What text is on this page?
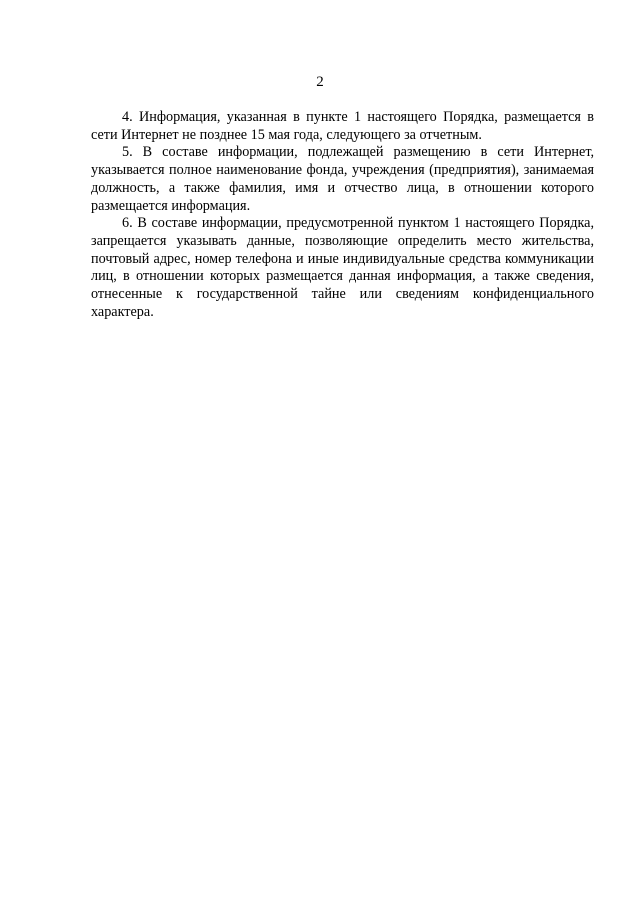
2

4. Информация, указанная в пункте 1 настоящего Порядка, размещается в сети Интернет не позднее 15 мая года, следующего за отчетным.

5. В составе информации, подлежащей размещению в сети Интернет, указывается полное наименование фонда, учреждения (предприятия), занимаемая должность, а также фамилия, имя и отчество лица, в отношении которого размещается информация.

6. В составе информации, предусмотренной пунктом 1 настоящего Порядка, запрещается указывать данные, позволяющие определить место жительства, почтовый адрес, номер телефона и иные индивидуальные средства коммуникации лиц, в отношении которых размещается данная информация, а также сведения, отнесенные к государственной тайне или сведениям конфиденциального характера.
